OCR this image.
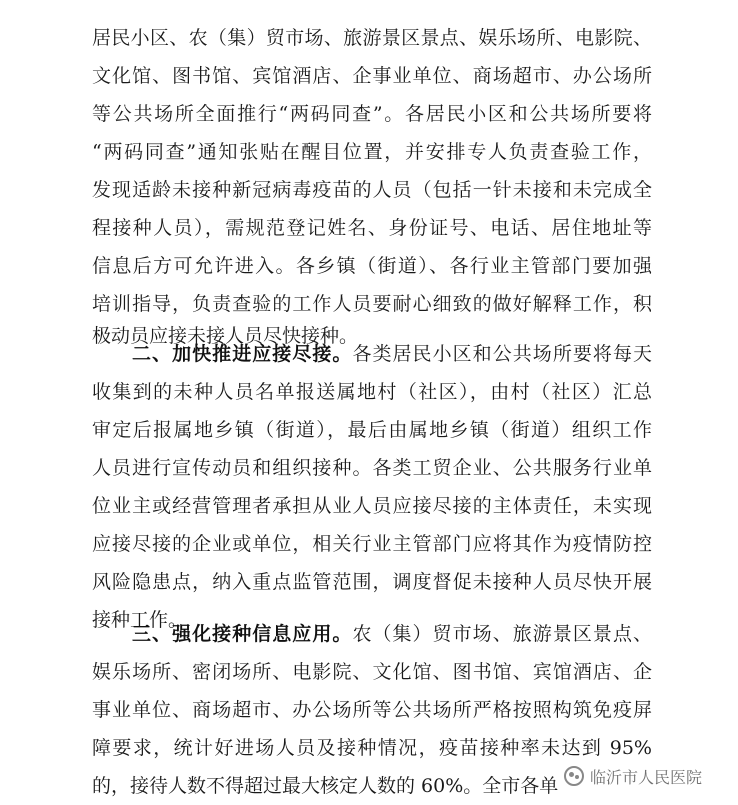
居民小区、农（集）贸市场、旅游景区景点、娱乐场所、电影院、
文化馆、图书馆、宾馆酒店、企事业单位、商场超市、办公场所
等公共场所全面推行“两码同查”。各居民小区和公共场所要将
“两码同查”通知张贴在醒目位置，并安排专人负责查验工作，
发现适龄未接种新冠病毒疫苗的人员（包括一针未接和未完成全
程接种人员），需规范登记姓名、身份证号、电话、居住地址等
信息后方可允许进入。各乡镇（街道）、各行业主管部门要加强
培训指导，负责查验的工作人员要耐心细致的做好解释工作，积
极动员应接未接人员尽快接种。
二、加快推进应接尽接。各类居民小区和公共场所要将每天
收集到的未种人员名单报送属地村（社区），由村（社区）汇总
审定后报属地乡镇（街道），最后由属地乡镇（街道）组织工作
人员进行宣传动员和组织接种。各类工贸企业、公共服务行业单
位业主或经营管理者承担从业人员应接尽接的主体责任，未实现
应接尽接的企业或单位，相关行业主管部门应将其作为疫情防控
风险隐患点，纳入重点监管范围，调度督促未接种人员尽快开展
接种工作。
三、强化接种信息应用。农（集）贸市场、旅游景区景点、
娱乐场所、密闭场所、电影院、文化馆、图书馆、宾馆酒店、企
事业单位、商场超市、办公场所等公共场所严格按照构筑免疫屏
障要求，统计好进场人员及接种情况，疫苗接种率未达到 95%
的，接待人数不得超过最大核定人数的 60%。全市各单	临沂市人民医院
